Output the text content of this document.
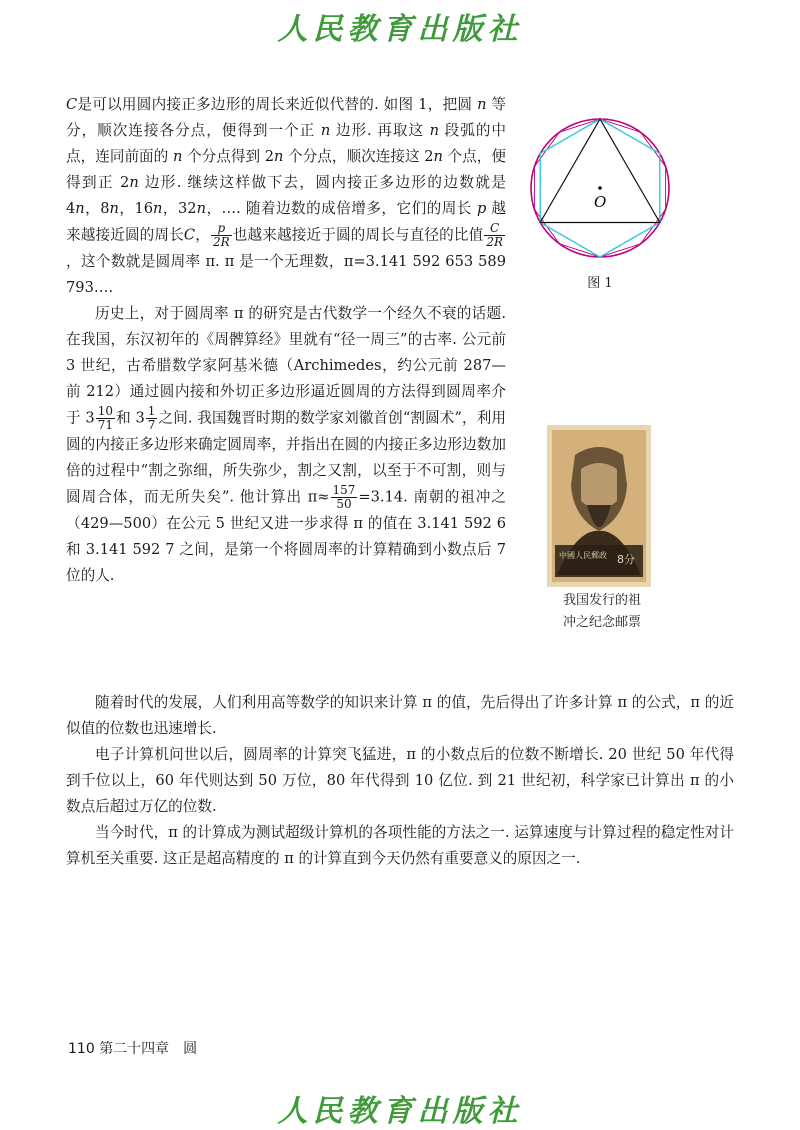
人民教育出版社

C是可以用圆内接正多边形的周长来近似代替的. 如图 1，把圆 n 等分，顺次连接各分点，便得到一个正 n 边形. 再取这 n 段弧的中点，连同前面的 n 个分点得到 2n 个分点，顺次连接这 2n 个点，便得到正 2n 边形. 继续这样做下去，圆内接正多边形的边数就是 4n，8n，16n，32n，…. 随着边数的成倍增多，它们的周长 p 越来越接近圆的周长C， $\frac{p}{2R}$ 也越来越接近于圆的周长与直径的比值 $\frac{C}{2R}$
，这个数就是圆周率 π. π 是一个无理数，π=3.141 592 653 589 793….

历史上，对于圆周率 π 的研究是古代数学一个经久不衰的话题. 在我国，东汉初年的《周髀算经》里就有“径一周三”的古率. 公元前 3 世纪，古希腊数学家阿基米德（Archimedes，约公元前 287—前 212）通过圆内接和外切正多边形逼近圆周的方法得到圆周率介于 $3 \frac{10}{71}$ 和 $3 \frac{1}{7}$ 之间. 我国魏晋时期的数学家刘徽首创“割圆术”，利用圆的内接正多边形来确定圆周率，并指出在圆的内接正多边形边数加倍的过程中“割之弥细，所失弥少，割之又割，以至于不可割，则与圆周合体，而无所失矣”. 他计算出 $\pi\approx \frac{157}{50} =3.14$. 南朝的祖冲之（429—500）在公元 5 世纪又进一步求得 π 的值在 3.141 592 6 和 3.141 592 7 之间，是第一个将圆周率的计算精确到小数点后 7 位的人.

O
图 1
中國人民郵政 8分
我国发行的祖
冲之纪念邮票

随着时代的发展，人们利用高等数学的知识来计算 π 的值，先后得出了许多计算 π 的公式，π 的近似值的位数也迅速增长.

电子计算机问世以后，圆周率的计算突飞猛进，π 的小数点后的位数不断增长. 20 世纪 50 年代得到千位以上，60 年代则达到 50 万位，80 年代得到 10 亿位. 到 21 世纪初，科学家已计算出 π 的小数点后超过万亿的位数.

当今时代，π 的计算成为测试超级计算机的各项性能的方法之一. 运算速度与计算过程的稳定性对计算机至关重要. 这正是超高精度的 π 的计算直到今天仍然有重要意义的原因之一.

110 第二十四章　圆
人民教育出版社
